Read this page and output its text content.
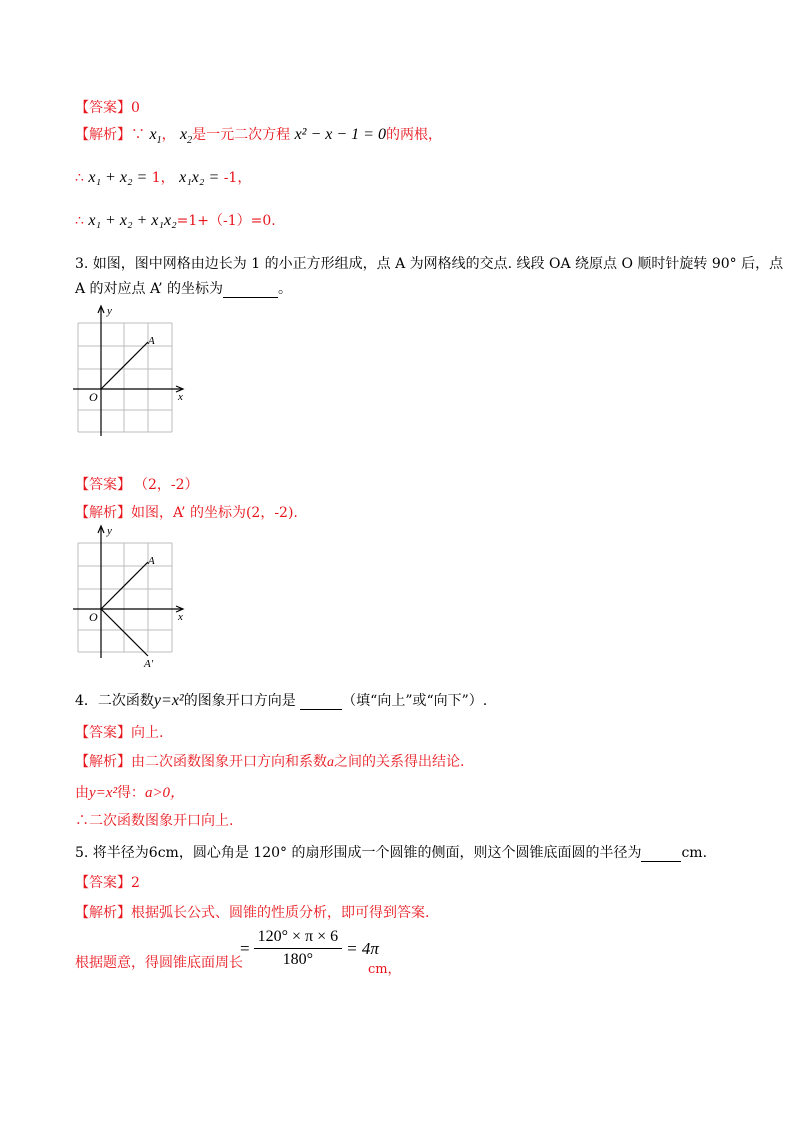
【答案】0
【解析】∵ $x_1$， $x_2$是一元二次方程 x² − x − 1 = 0的两根，
∴ x₁ + x₂ = 1， x₁x₂ = -1，
∴ x₁ + x₂ + x₁x₂=1+（-1）=0.
3. 如图，图中网格由边长为 1 的小正方形组成，点 A 为网格线的交点. 线段 OA 绕原点 O 顺时针旋转 90° 后，点
A 的对应点 A’ 的坐标为	。
y
x
O
A
【答案】 （2，-2）
【解析】如图，A’ 的坐标为(2，-2).
y
x
O
A
A′
4．二次函数y=x²的图象开口方向是	（填“向上”或“向下”）.
【答案】向上.
【解析】由二次函数图象开口方向和系数a之间的关系得出结论.
由y=x²得：a>0，
∴二次函数图象开口向上.
5. 将半径为6cm，圆心角是 120° 的扇形围成一个圆锥的侧面，则这个圆锥底面圆的半径为	cm.
【答案】2
【解析】根据弧长公式、圆锥的性质分析，即可得到答案.
根据题意，得圆锥底面周长
=
120° × π × 6
180°
= 4π
cm，
